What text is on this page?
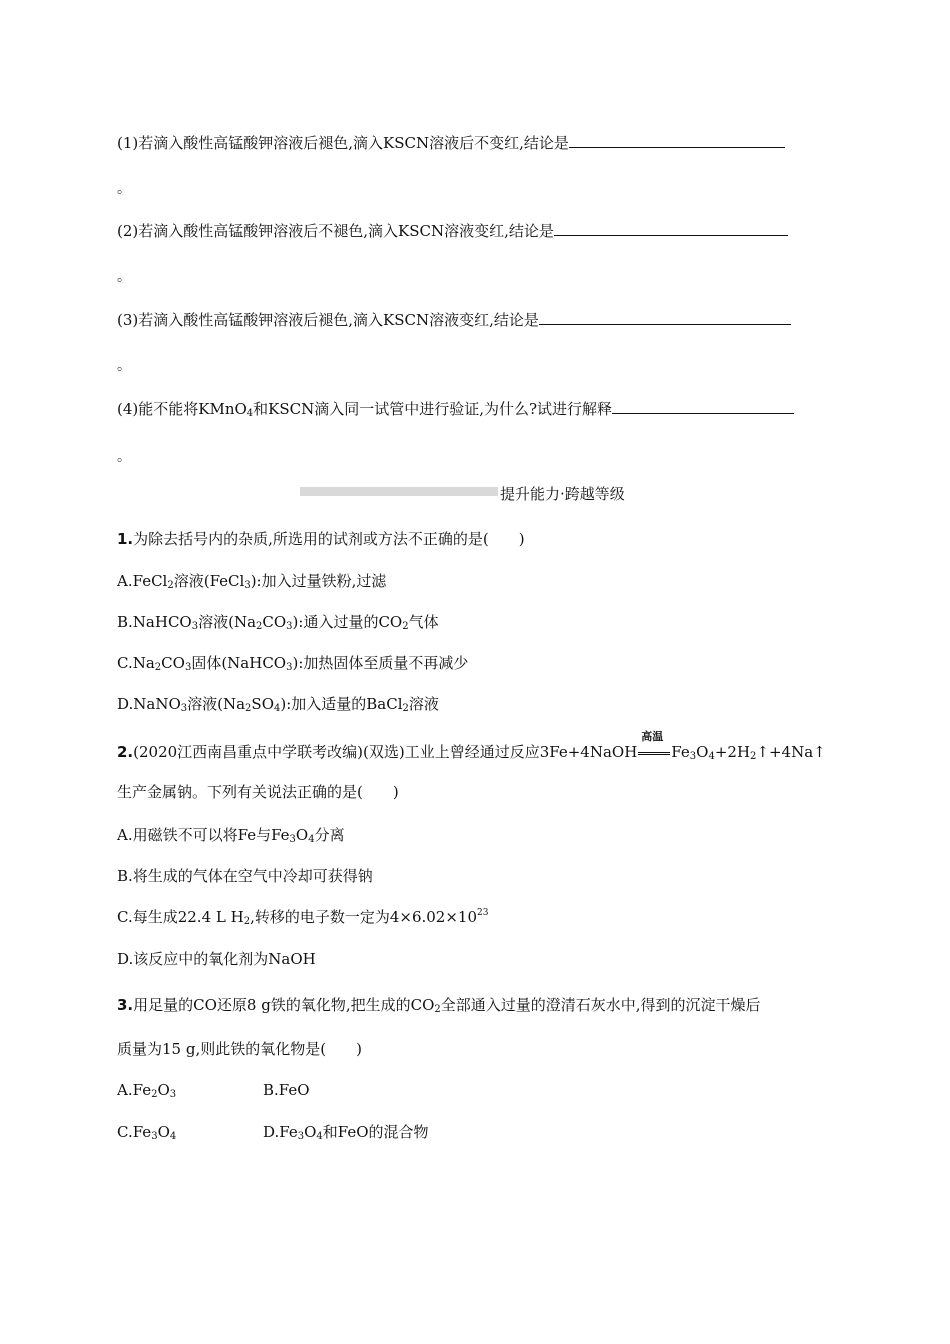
(1)若滴入酸性高锰酸钾溶液后褪色,滴入KSCN溶液后不变红,结论是
。
(2)若滴入酸性高锰酸钾溶液后不褪色,滴入KSCN溶液变红,结论是
。
(3)若滴入酸性高锰酸钾溶液后褪色,滴入KSCN溶液变红,结论是
。
(4)能不能将KMnO$_4$和KSCN滴入同一试管中进行验证,为什么?试进行解释
。
提升能力·跨越等级
1.为除去括号内的杂质,所选用的试剂或方法不正确的是(　　)
A.FeCl$_2$溶液(FeCl$_3$):加入过量铁粉,过滤
B.NaHCO$_3$溶液$(Na_2CO_3)$:通入过量的$CO_2$气体
$C.Na_2CO_3$固体(NaHCO$_3$):加热固体至质量不再减少
D.NaNO$_3$溶液$(Na_2SO_4)$:加入适量的BaCl$_2$溶液
2.(2020江西南昌重点中学联考改编)(双选)工业上曾经通过反应3Fe+4NaOH
高温
$Fe_3O_4+2H_2↑+4Na↑$
生产金属钠。下列有关说法正确的是(　　)
A.用磁铁不可以将Fe与$Fe_3O_4$分离
B.将生成的气体在空气中冷却可获得钠
C.每生成22.4 L $H_2$,转移的电子数一定为$4\times 6.02\times 10^{23}$
D.该反应中的氧化剂为NaOH
3.用足量的CO还原8 g铁的氧化物,把生成的$CO_2$全部通入过量的澄清石灰水中,得到的沉淀干燥后
质量为15 g,则此铁的氧化物是(　　)
$A.Fe_2O_3$	B.FeO
$C.Fe_3O_4$	$D.Fe_3O_4$和FeO的混合物
